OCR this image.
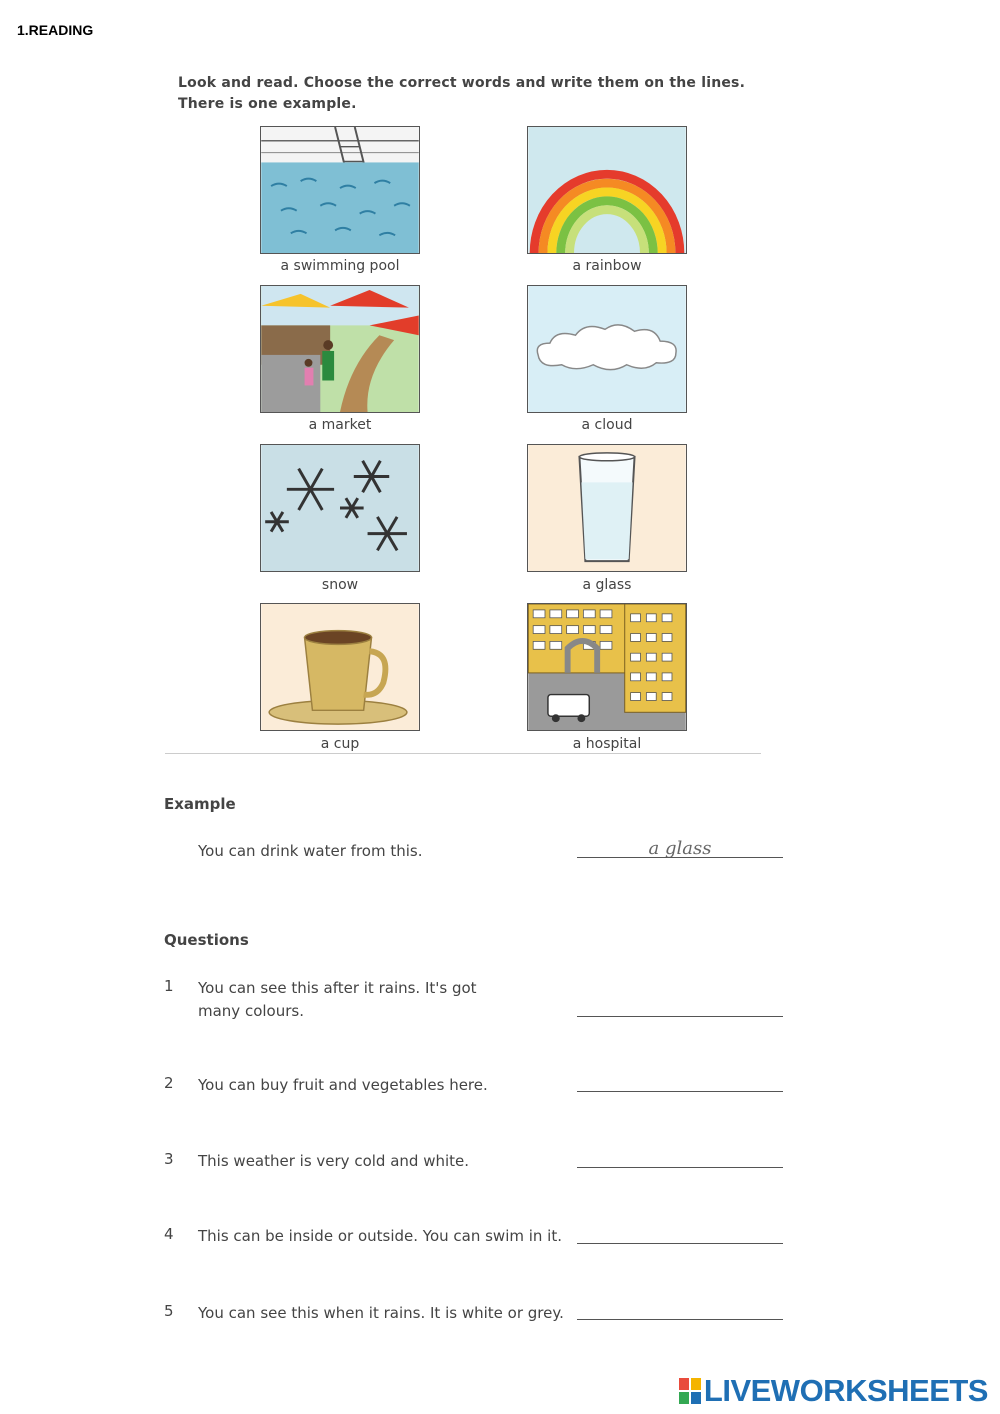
1.READING
Look and read. Choose the correct words and write them on the lines.
There is one example.
a swimming pool	a rainbow
a market	a cloud
snow	a glass
a cup	a hospital
Example
You can drink water from this.	a glass
Questions
1 You can see this after it rains. It's got
many colours.
2 You can buy fruit and vegetables here.
3 This weather is very cold and white.
4 This can be inside or outside. You can swim in it.
5 You can see this when it rains. It is white or grey.
LIVEWORKSHEETS
